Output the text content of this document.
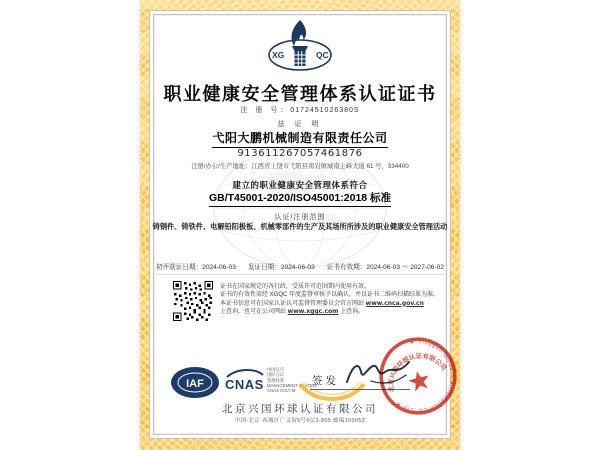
XG	QC
职业健康安全管理体系认证证书
注 册 号：0172451026380S
兹 证 明
弋阳大鹏机械制造有限责任公司
913611267057461876
注册/办公/生产地址：江西省上饶市弋阳县南岩镇城南主峰大道 61 号，334400
建立的职业健康安全管理体系符合
GB/T45001-2020/ISO45001:2018 标准
认证/注册范围
铸钢件、铸铁件、电解铅阳极板、机械零部件的生产及其场所所涉及的职业健康安全管理活动
初评获证日期：2024-06-03 发证日期：2024-06-03 证书有效期：2024-06-03 ～ 2027-06-02
证书在国家规定的各行政，受质许可范围期内使用有效。
证书的有效性需经 XGQC 年度监督审核予以确认，并以证书二维码扫描结果为准。
本证书信息可在国家认证认可监督管理委员会官方网站 www.cnca.gov.cn
上查询，也可在公司网站 www.xgqc.com 上查询。
IAF CNAS
中国认可
国际互认
管理体系
MANAGEMENT SYSTEM
CNAS C017-M
签发
★ Xingguo Global Certification Co.,Ltd ★
北京兴国环球认证有限公司
北京兴国环球认证有限公司
中国·北京·西城区广义街5号6层3-805 邮编100053
